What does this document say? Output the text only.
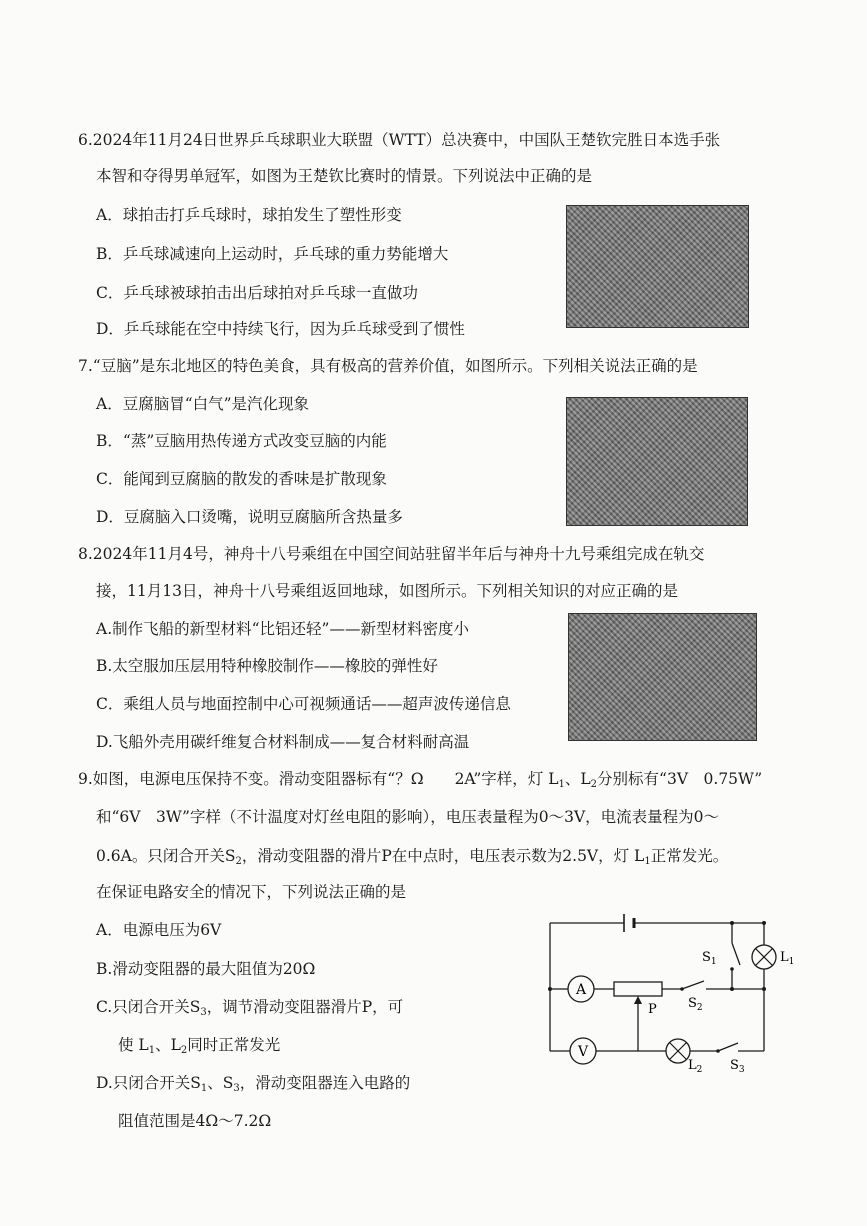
6.2024年11月24日世界乒乓球职业大联盟（WTT）总决赛中，中国队王楚钦完胜日本选手张
本智和夺得男单冠军，如图为王楚钦比赛时的情景。下列说法中正确的是
A．球拍击打乒乓球时，球拍发生了塑性形变
B．乒乓球减速向上运动时，乒乓球的重力势能增大
C．乒乓球被球拍击出后球拍对乒乓球一直做功
D．乒乓球能在空中持续飞行，因为乒乓球受到了惯性
7.“豆脑”是东北地区的特色美食，具有极高的营养价值，如图所示。下列相关说法正确的是
A．豆腐脑冒“白气”是汽化现象
B．“蒸”豆脑用热传递方式改变豆脑的内能
C．能闻到豆腐脑的散发的香味是扩散现象
D．豆腐脑入口烫嘴，说明豆腐脑所含热量多
8.2024年11月4号，神舟十八号乘组在中国空间站驻留半年后与神舟十九号乘组完成在轨交
接，11月13日，神舟十八号乘组返回地球，如图所示。下列相关知识的对应正确的是
A.制作飞船的新型材料“比铝还轻”——新型材料密度小
B.太空服加压层用特种橡胶制作——橡胶的弹性好
C．乘组人员与地面控制中心可视频通话——超声波传递信息
D.飞船外壳用碳纤维复合材料制成——复合材料耐高温
9.如图，电源电压保持不变。滑动变阻器标有“？Ω　　2A”字样，灯 $L_1$、$L_2$分别标有“3V　0.75W”
和“6V　3W”字样（不计温度对灯丝电阻的影响），电压表量程为0～3V，电流表量程为0～
0.6A。只闭合开关$S_2$，滑动变阻器的滑片P在中点时，电压表示数为2.5V，灯 $L_1$正常发光。
在保证电路安全的情况下，下列说法正确的是
A．电源电压为6V
B.滑动变阻器的最大阻值为20Ω
C.只闭合开关$S_3$，调节滑动变阻器滑片P，可
使 $L_1$、$L_2$同时正常发光
D.只闭合开关$S_1$、$S_3$，滑动变阻器连入电路的
阻值范围是4Ω～7.2Ω
$S_1$	$L_1$
A
P $S_2$
V
$L_2$ $S_3$
